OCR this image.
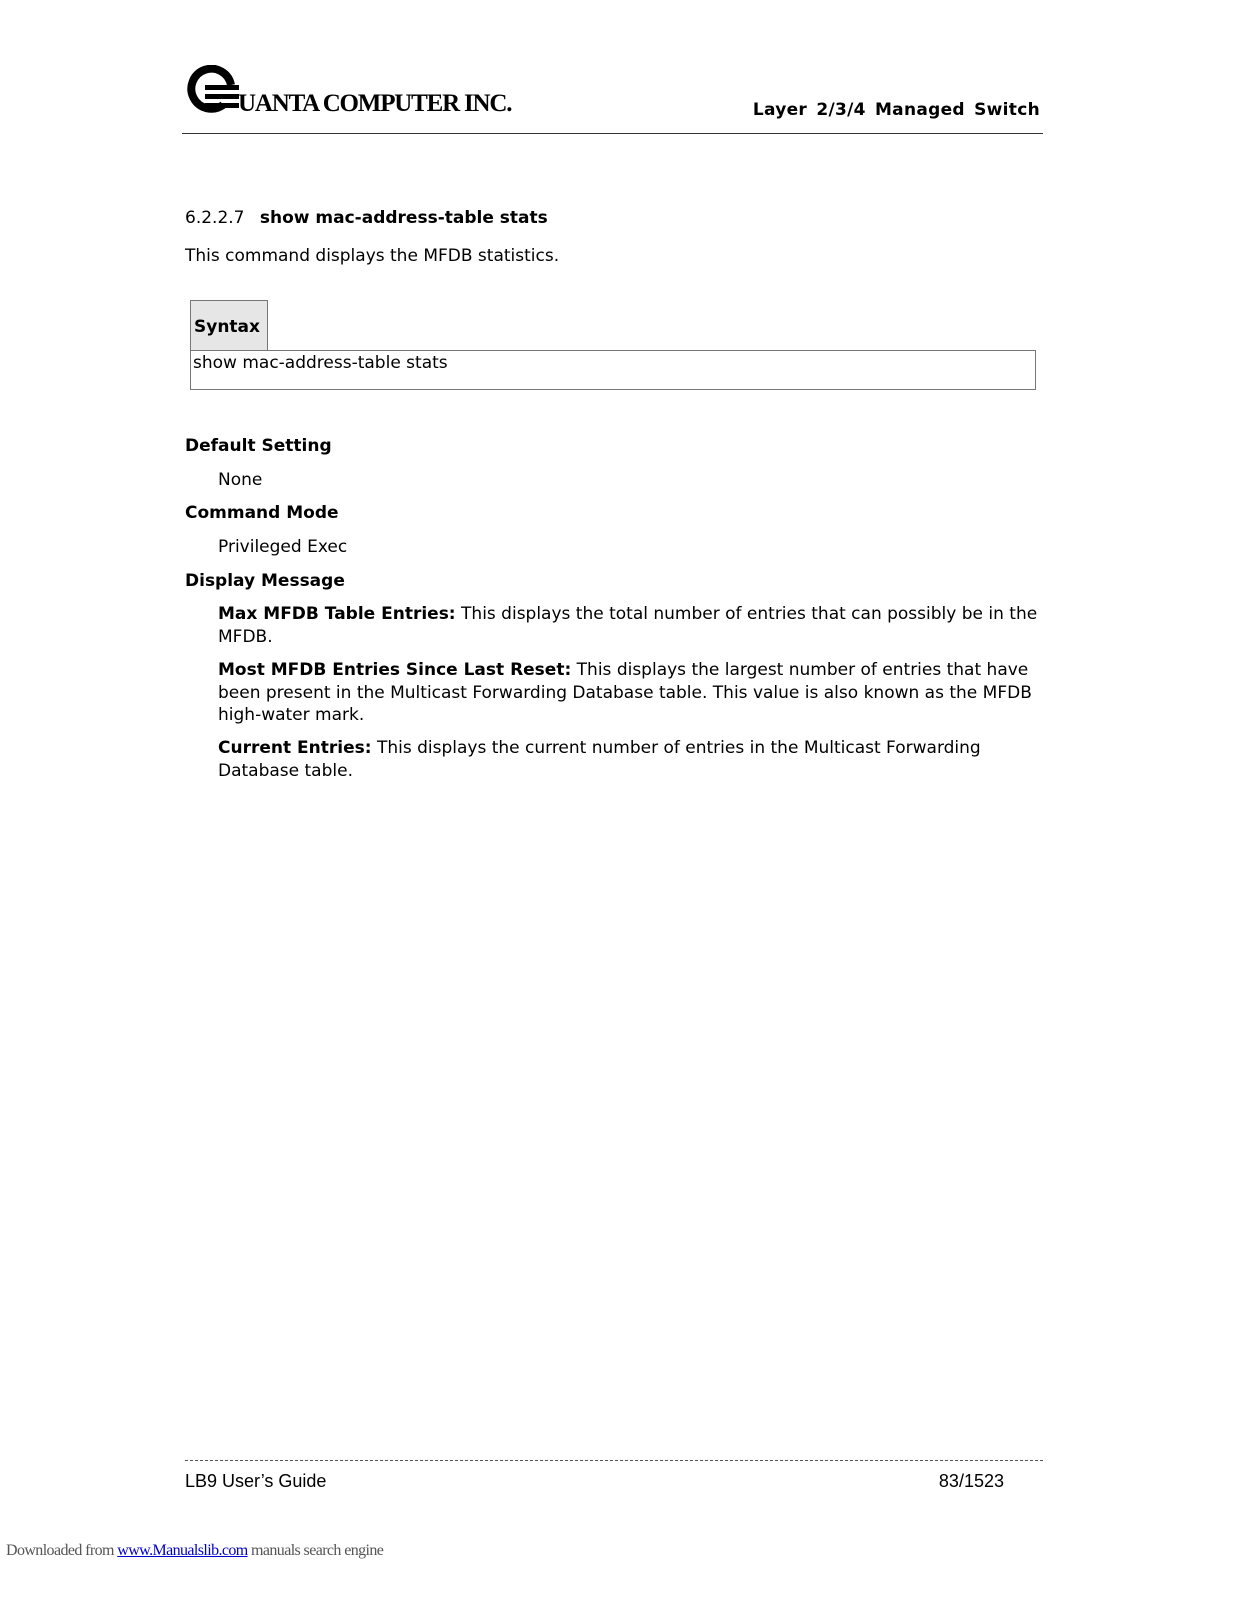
UANTA COMPUTER INC.	Layer 2/3/4 Managed Switch
6.2.2.7 show mac-address-table stats
This command displays the MFDB statistics.
Syntax
show mac-address-table stats
Default Setting
None
Command Mode
Privileged Exec
Display Message
Max MFDB Table Entries: This displays the total number of entries that can possibly be in the MFDB.
Most MFDB Entries Since Last Reset: This displays the largest number of entries that have been present in the Multicast Forwarding Database table. This value is also known as the MFDB high-water mark.
Current Entries: This displays the current number of entries in the Multicast Forwarding Database table.
LB9 User’s Guide	83/1523
Downloaded from www.Manualslib.com manuals search engine
